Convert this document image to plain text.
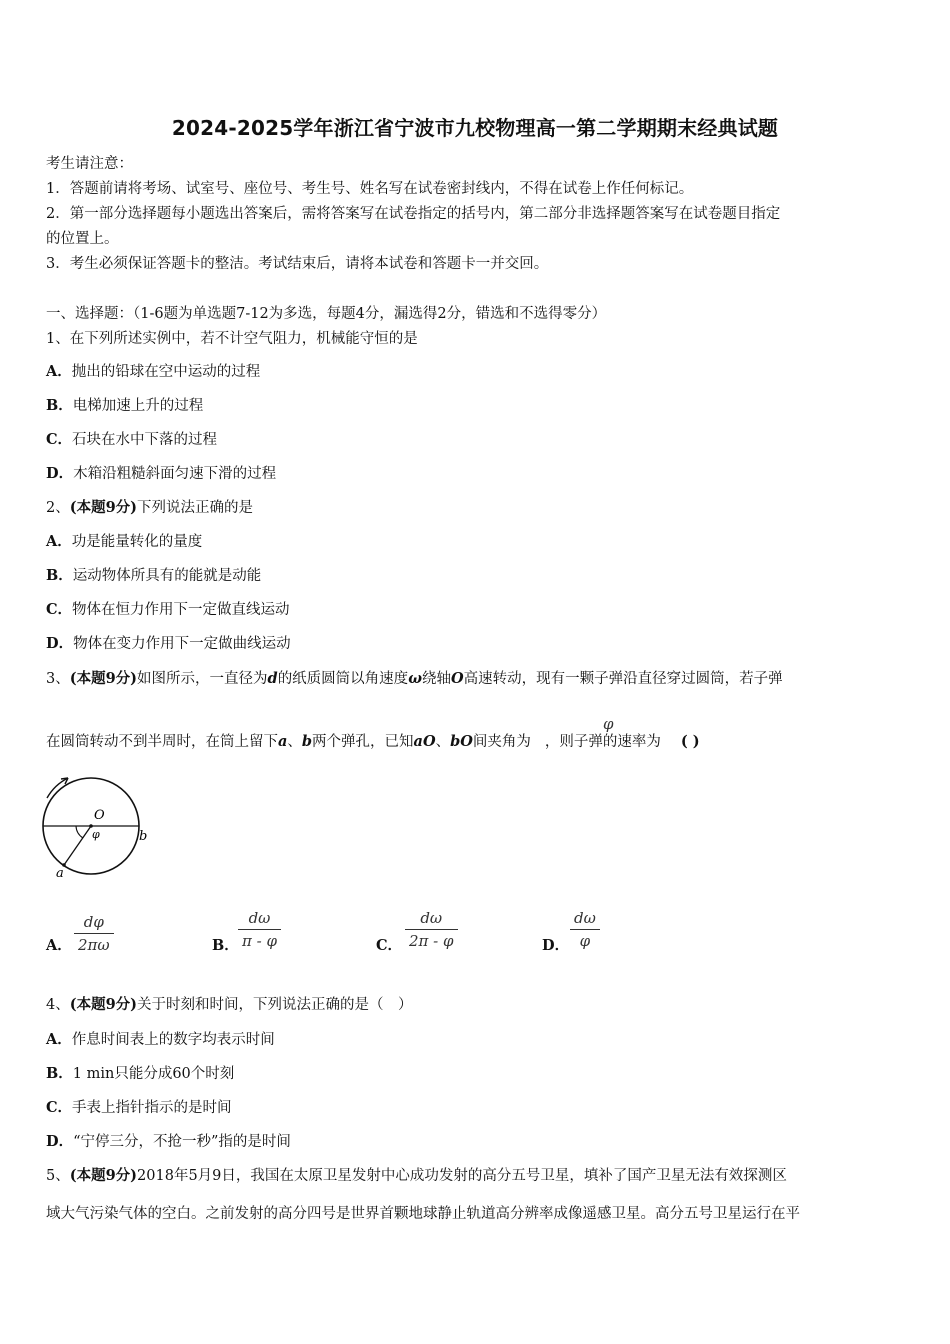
2024-2025学年浙江省宁波市九校物理高一第二学期期末经典试题
考生请注意：
1．答题前请将考场、试室号、座位号、考生号、姓名写在试卷密封线内，不得在试卷上作任何标记。
2．第一部分选择题每小题选出答案后，需将答案写在试卷指定的括号内，第二部分非选择题答案写在试卷题目指定
的位置上。
3．考生必须保证答题卡的整洁。考试结束后，请将本试卷和答题卡一并交回。
一、选择题：（1-6题为单选题7-12为多选，每题4分，漏选得2分，错选和不选得零分）
1、在下列所述实例中，若不计空气阻力，机械能守恒的是
A．抛出的铅球在空中运动的过程
B．电梯加速上升的过程
C．石块在水中下落的过程
D．木箱沿粗糙斜面匀速下滑的过程
2、(本题9分)下列说法正确的是
A．功是能量转化的量度
B．运动物体所具有的能就是动能
C．物体在恒力作用下一定做直线运动
D．物体在变力作用下一定做曲线运动
3、(本题9分)如图所示，一直径为d的纸质圆筒以角速度ω绕轴O高速转动，现有一颗子弹沿直径穿过圆筒，若子弹
在圆筒转动不到半周时，在筒上留下a、b两个弹孔，已知aO、bO间夹角为 ，则子弹的速率为 ( )
φ
O
φ
a
b
A．
dφ
2πω	B．
dω
π - φ	C．
dω
2π - φ	D．
dω
φ
4、(本题9分)关于时刻和时间，下列说法正确的是（　）
A．作息时间表上的数字均表示时间
B．1 min只能分成60个时刻
C．手表上指针指示的是时间
D．“宁停三分，不抢一秒”指的是时间
5、(本题9分)2018年5月9日，我国在太原卫星发射中心成功发射的高分五号卫星，填补了国产卫星无法有效探测区
域大气污染气体的空白。之前发射的高分四号是世界首颗地球静止轨道高分辨率成像遥感卫星。高分五号卫星运行在平
